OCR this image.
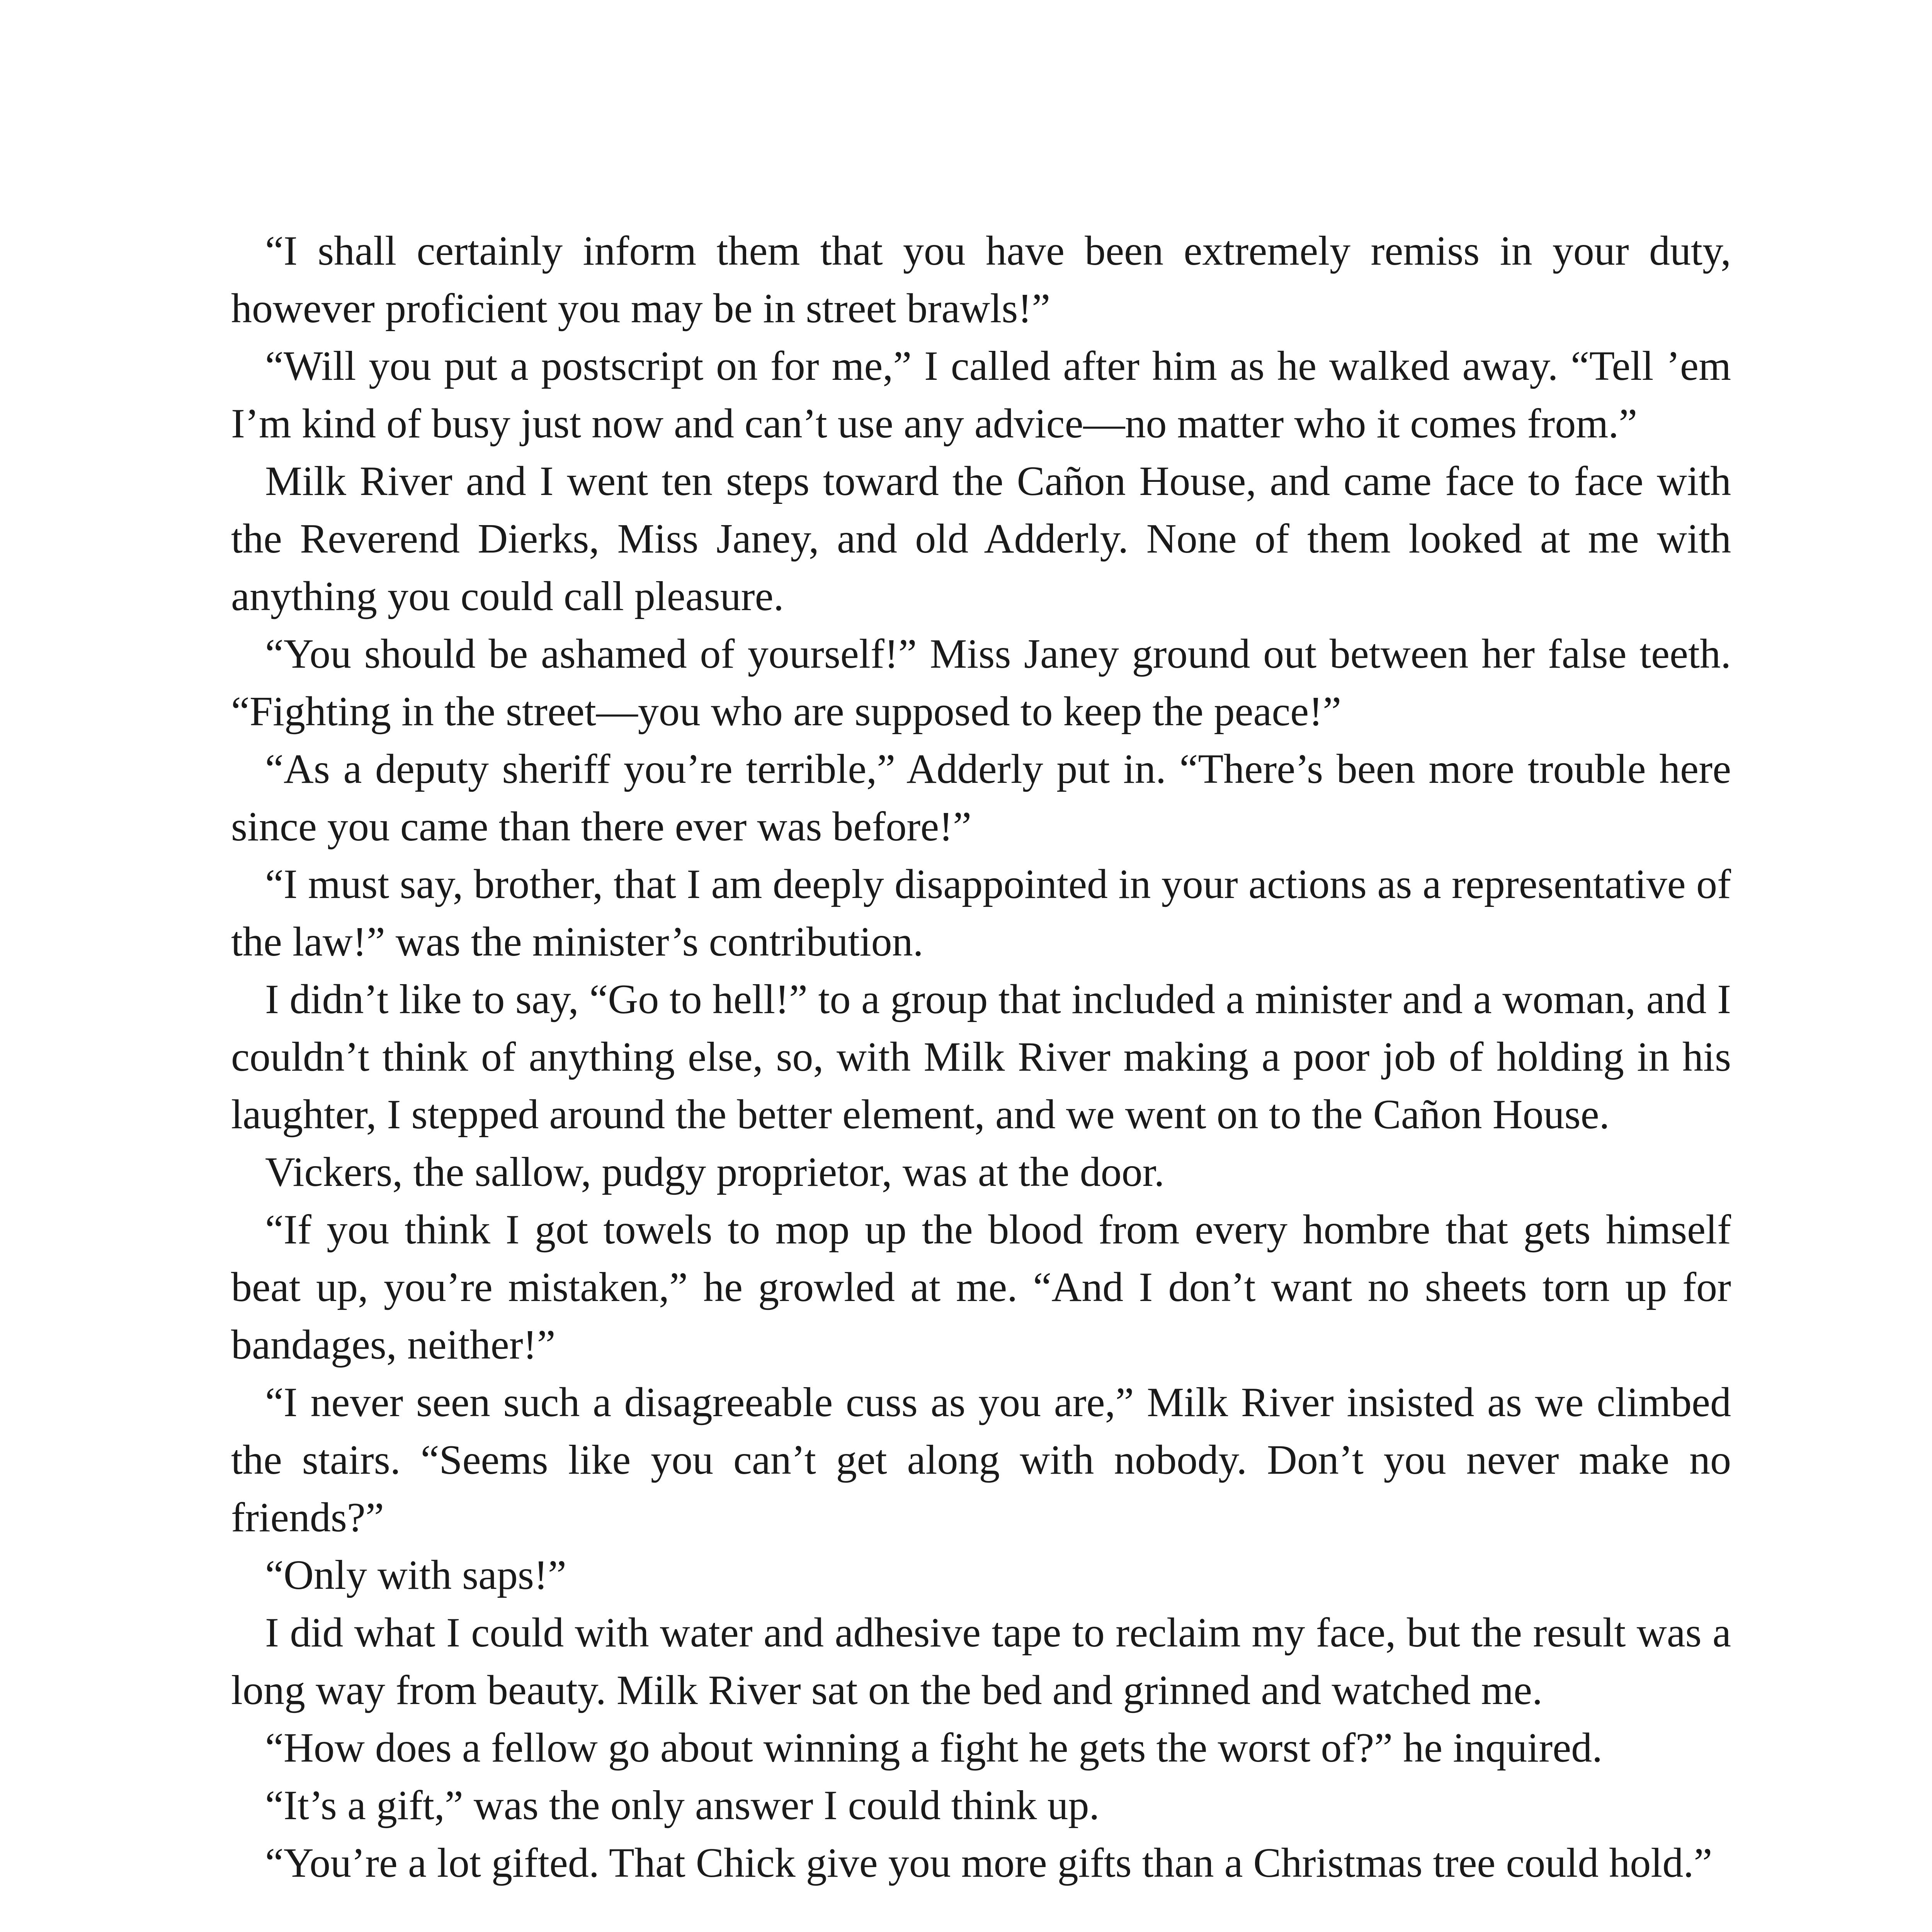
“I shall certainly inform them that you have been extremely remiss in your duty, however proficient you may be in street brawls!”

“Will you put a postscript on for me,” I called after him as he walked away. “Tell ’em I’m kind of busy just now and can’t use any advice—no matter who it comes from.”

Milk River and I went ten steps toward the Cañon House, and came face to face with the Reverend Dierks, Miss Janey, and old Adderly. None of them looked at me with anything you could call pleasure.

“You should be ashamed of yourself!” Miss Janey ground out between her false teeth. “Fighting in the street—you who are supposed to keep the peace!”

“As a deputy sheriff you’re terrible,” Adderly put in. “There’s been more trouble here since you came than there ever was before!”

“I must say, brother, that I am deeply disappointed in your actions as a representative of the law!” was the minister’s contribution.

I didn’t like to say, “Go to hell!” to a group that included a minister and a woman, and I couldn’t think of anything else, so, with Milk River making a poor job of holding in his laughter, I stepped around the better element, and we went on to the Cañon House.

Vickers, the sallow, pudgy proprietor, was at the door.

“If you think I got towels to mop up the blood from every hombre that gets himself beat up, you’re mistaken,” he growled at me. “And I don’t want no sheets torn up for bandages, neither!”

“I never seen such a disagreeable cuss as you are,” Milk River insisted as we climbed the stairs. “Seems like you can’t get along with nobody. Don’t you never make no friends?”

“Only with saps!”

I did what I could with water and adhesive tape to reclaim my face, but the result was a long way from beauty. Milk River sat on the bed and grinned and watched me.

“How does a fellow go about winning a fight he gets the worst of?” he inquired.

“It’s a gift,” was the only answer I could think up.

“You’re a lot gifted. That Chick give you more gifts than a Christmas tree could hold.”
